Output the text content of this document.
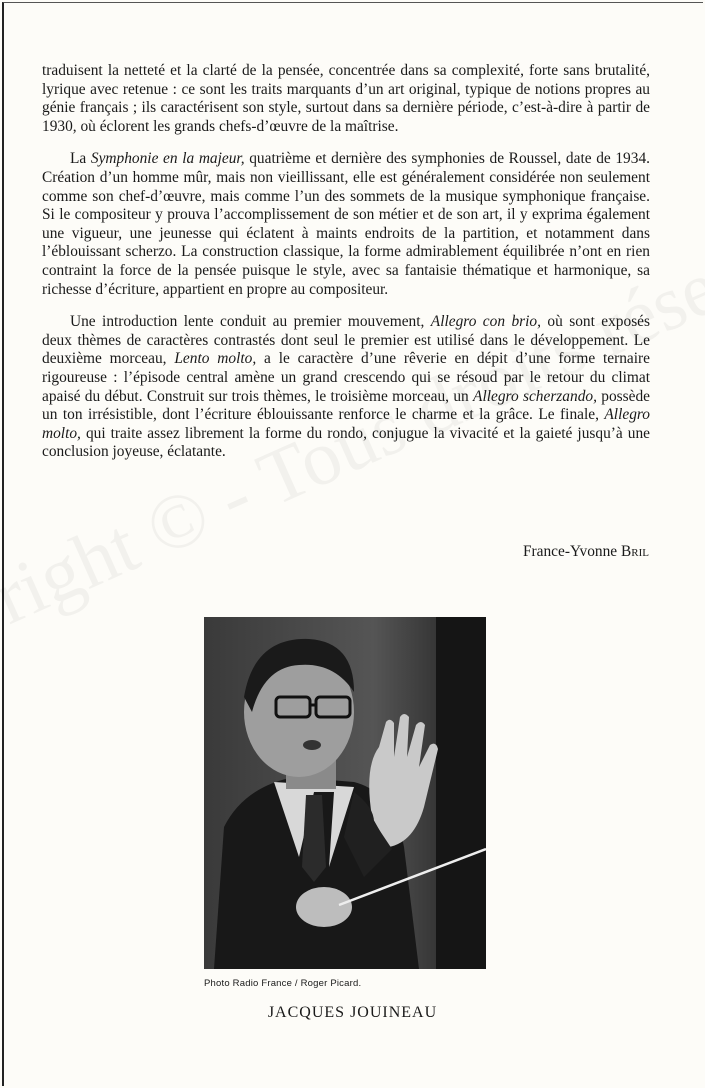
traduisent la netteté et la clarté de la pensée, concentrée dans sa complexité, forte sans brutalité, lyrique avec retenue : ce sont les traits marquants d’un art original, typique de notions propres au génie français ; ils caractérisent son style, surtout dans sa dernière période, c’est-à-dire à partir de 1930, où éclorent les grands chefs-d’œuvre de la maîtrise.

La Symphonie en la majeur, quatrième et dernière des symphonies de Roussel, date de 1934. Création d’un homme mûr, mais non vieillissant, elle est généralement considérée non seulement comme son chef-d’œuvre, mais comme l’un des sommets de la musique symphonique française. Si le compositeur y prouva l’accomplissement de son métier et de son art, il y exprima également une vigueur, une jeunesse qui éclatent à maints endroits de la partition, et notamment dans l’éblouissant scherzo. La construction classique, la forme admirablement équilibrée n’ont en rien contraint la force de la pensée puisque le style, avec sa fantaisie thématique et harmonique, sa richesse d’écriture, appartient en propre au compositeur.

Une introduction lente conduit au premier mouvement, Allegro con brio, où sont exposés deux thèmes de caractères contrastés dont seul le premier est utilisé dans le développement. Le deuxième morceau, Lento molto, a le caractère d’une rêverie en dépit d’une forme ternaire rigoureuse : l’épisode central amène un grand crescendo qui se résoud par le retour du climat apaisé du début. Construit sur trois thèmes, le troisième morceau, un Allegro scherzando, possède un ton irrésistible, dont l’écriture éblouissante renforce le charme et la grâce. Le finale, Allegro molto, qui traite assez librement la forme du rondo, conjugue la vivacité et la gaieté jusqu’à une conclusion joyeuse, éclatante.

France-Yvonne Bril
Photo Radio France / Roger Picard.
JACQUES JOUINEAU
